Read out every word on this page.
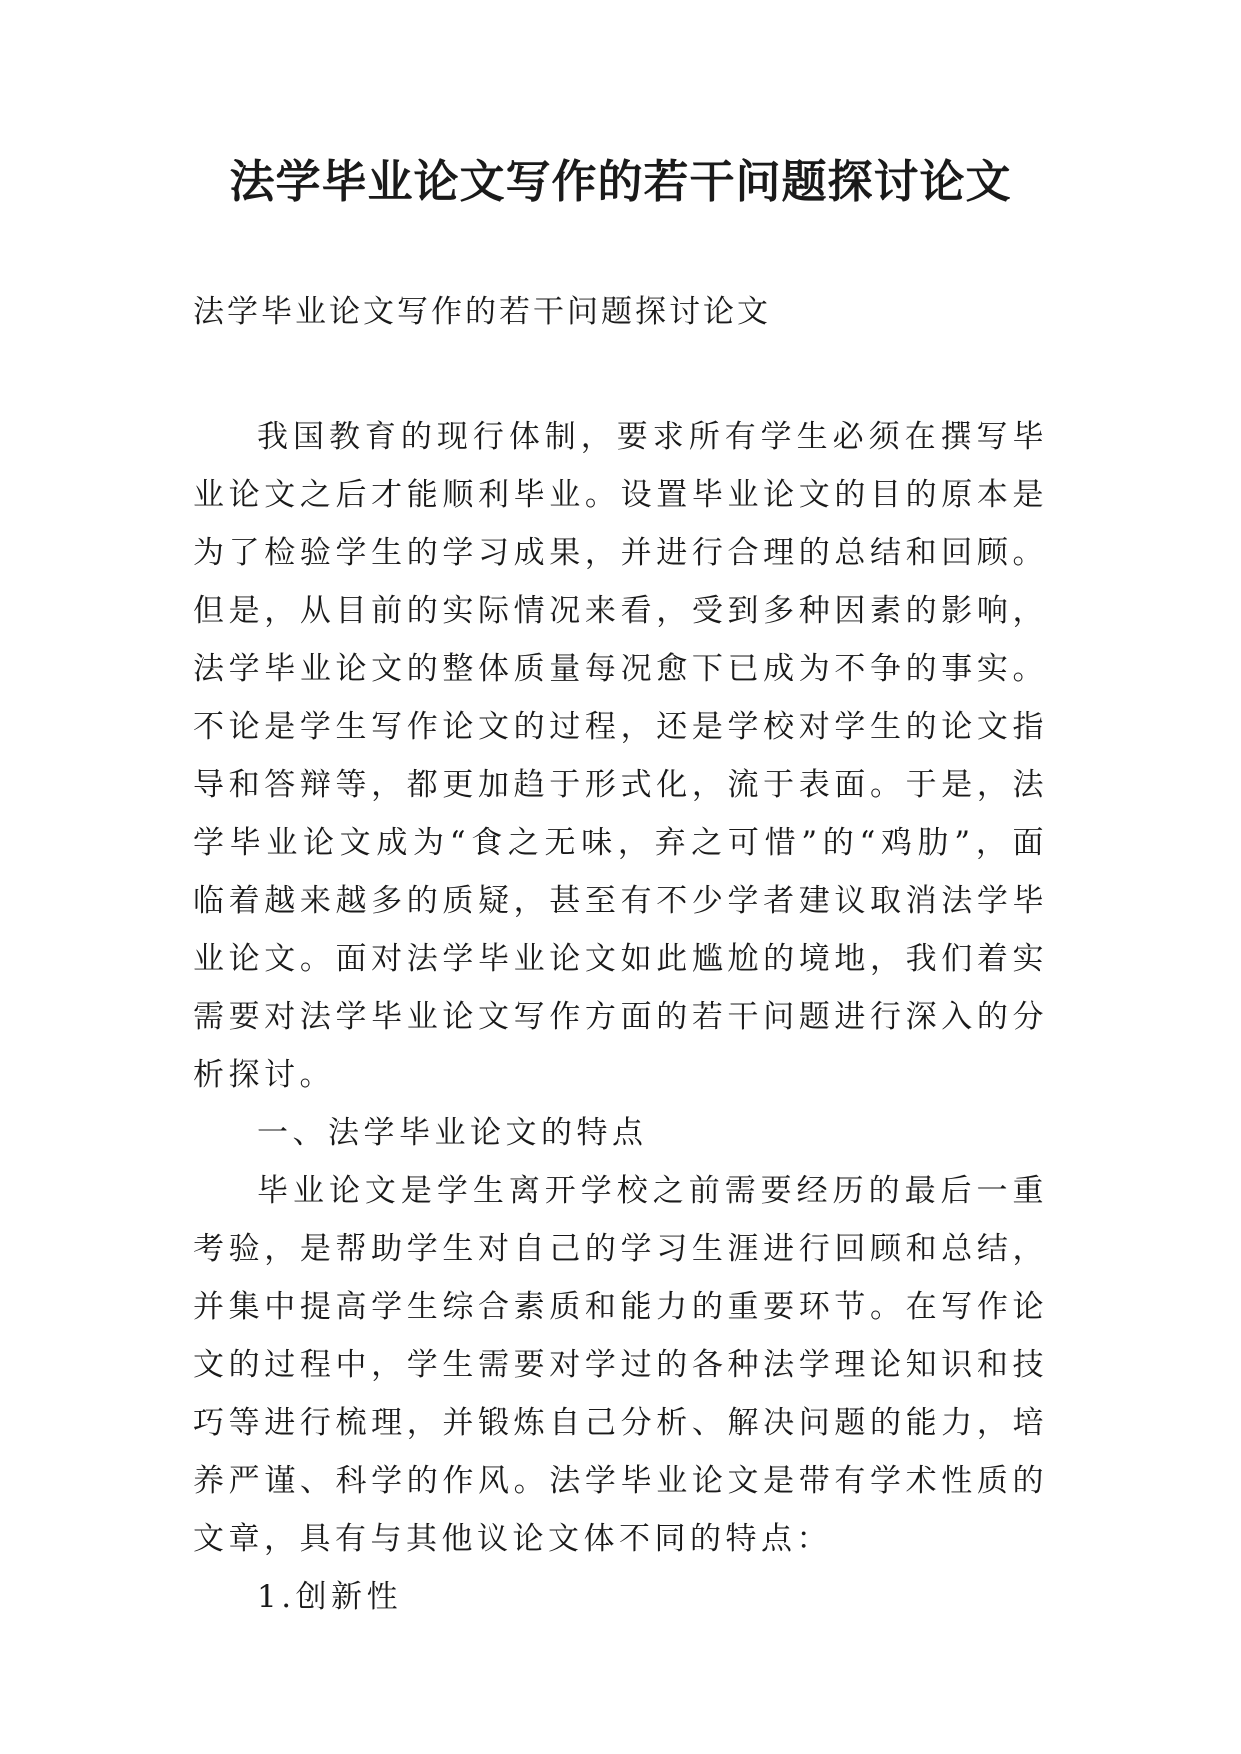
法学毕业论文写作的若干问题探讨论文
法学毕业论文写作的若干问题探讨论文

我国教育的现行体制，要求所有学生必须在撰写毕业论文之后才能顺利毕业。设置毕业论文的目的原本是为了检验学生的学习成果，并进行合理的总结和回顾。但是，从目前的实际情况来看，受到多种因素的影响，法学毕业论文的整体质量每况愈下已成为不争的事实。不论是学生写作论文的过程，还是学校对学生的论文指导和答辩等，都更加趋于形式化，流于表面。于是，法学毕业论文成为“食之无味，弃之可惜”的“鸡肋”，面临着越来越多的质疑，甚至有不少学者建议取消法学毕业论文。面对法学毕业论文如此尴尬的境地，我们着实需要对法学毕业论文写作方面的若干问题进行深入的分析探讨。

一、法学毕业论文的特点

毕业论文是学生离开学校之前需要经历的最后一重考验，是帮助学生对自己的学习生涯进行回顾和总结，并集中提高学生综合素质和能力的重要环节。在写作论文的过程中，学生需要对学过的各种法学理论知识和技巧等进行梳理，并锻炼自己分析、解决问题的能力，培养严谨、科学的作风。法学毕业论文是带有学术性质的文章，具有与其他议论文体不同的特点：

1.创新性
